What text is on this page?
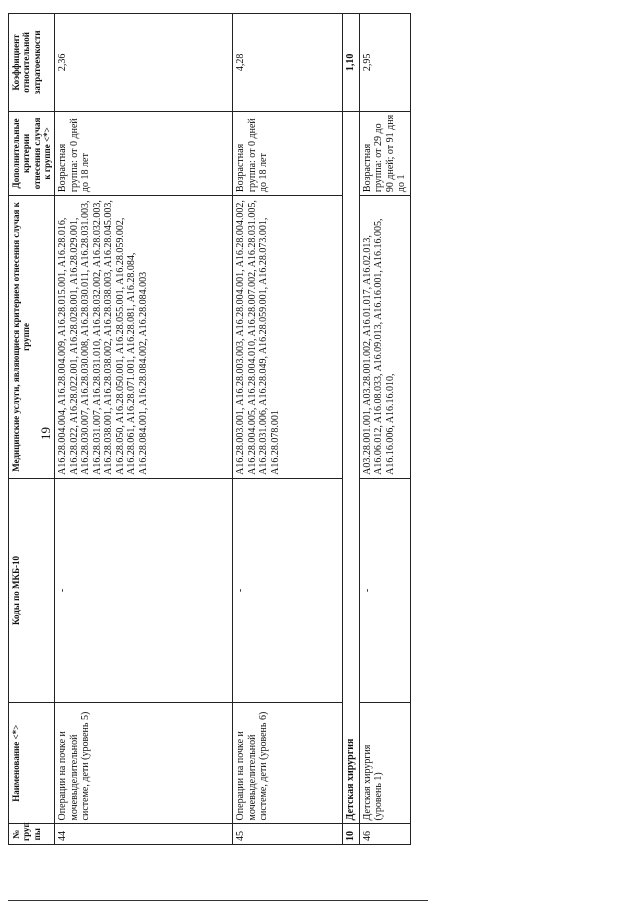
19
№ груп пы	Наименование <*>	Коды по МКБ-10	Медицинские услуги, являющиеся критерием отнесения случая к группе	Дополнительные критерии отнесения случая к группе <*>	Коэффициент относительной затратоемкости
44	Операции на почке и мочевыделительной системе, дети (уровень 5)	-	A16.28.004.004, A16.28.004.009, A16.28.015.001, A16.28.016, A16.28.022, A16.28.022.001, A16.28.028.001, A16.28.029.001, A16.28.030.007, A16.28.030.008, A16.28.030.011, A16.28.031.003, A16.28.031.007, A16.28.031.010, A16.28.032.002, A16.28.032.003, A16.28.038.001, A16.28.038.002, A16.28.038.003, A16.28.045.003, A16.28.050, A16.28.050.001, A16.28.055.001, A16.28.059.002, A16.28.061, A16.28.071.001, A16.28.081, A16.28.084, A16.28.084.001, A16.28.084.002, A16.28.084.003	Возрастная группа: от 0 дней до 18 лет	2,36
45	Операции на почке и мочевыделительной системе, дети (уровень 6)	-	A16.28.003.001, A16.28.003.003, A16.28.004.001, A16.28.004.002, A16.28.004.005, A16.28.004.010, A16.28.007.002, A16.28.031.005, A16.28.031.006, A16.28.049, A16.28.059.001, A16.28.073.001, A16.28.078.001	Возрастная группа: от 0 дней до 18 лет	4,28
10	Детская хирургия				1,10
46	Детская хирургия (уровень 1)	-	A03.28.001.001, A03.28.001.002, A16.01.017, A16.02.013, A16.06.012, A16.08.033, A16.09.013, A16.16.001, A16.16.005, A16.16.006, A16.16.010,	Возрастная группа: от 29 до 90 дней; от 91 дня до 1	2,95
